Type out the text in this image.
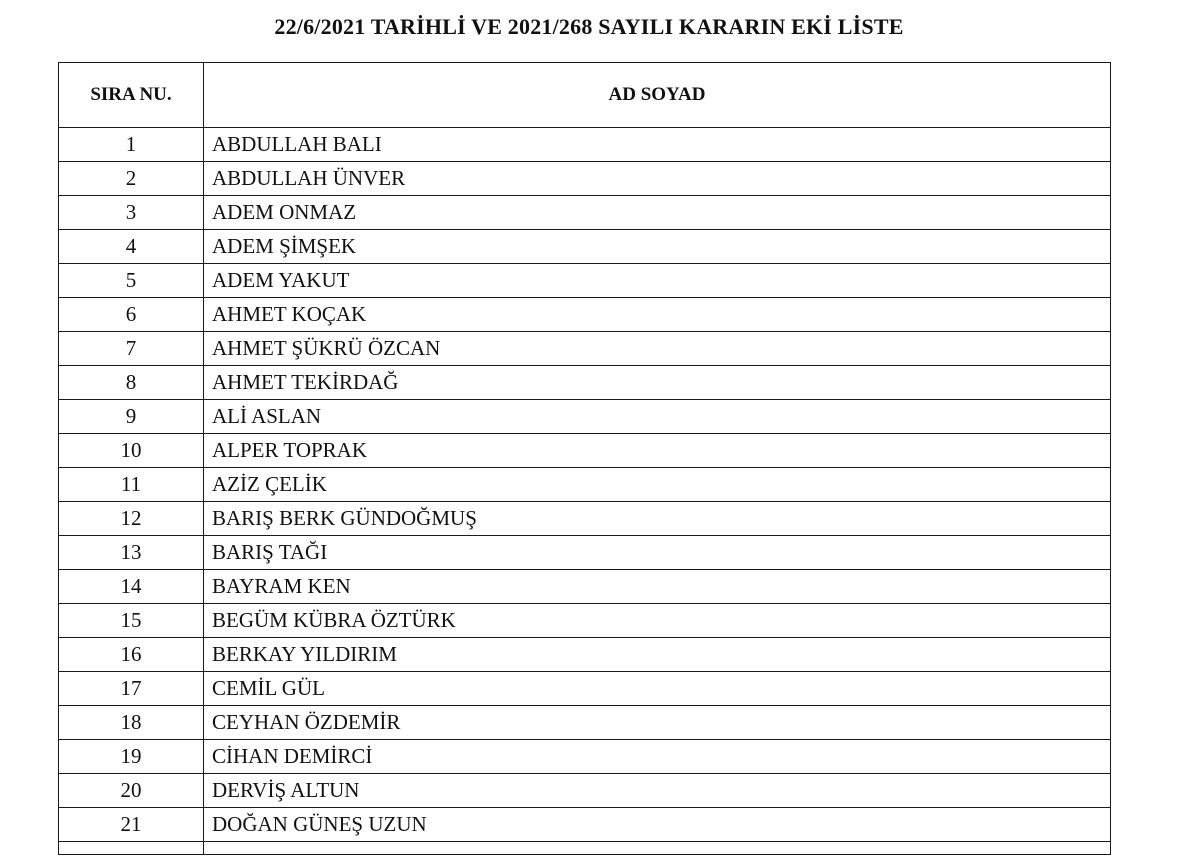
22/6/2021 TARİHLİ VE 2021/268 SAYILI KARARIN EKİ LİSTE
SIRA NU.	AD SOYAD
1	ABDULLAH BALI
2	ABDULLAH ÜNVER
3	ADEM ONMAZ
4	ADEM ŞİMŞEK
5	ADEM YAKUT
6	AHMET KOÇAK
7	AHMET ŞÜKRÜ ÖZCAN
8	AHMET TEKİRDAĞ
9	ALİ ASLAN
10	ALPER TOPRAK
11	AZİZ ÇELİK
12	BARIŞ BERK GÜNDOĞMUŞ
13	BARIŞ TAĞI
14	BAYRAM KEN
15	BEGÜM KÜBRA ÖZTÜRK
16	BERKAY YILDIRIM
17	CEMİL GÜL
18	CEYHAN ÖZDEMİR
19	CİHAN DEMİRCİ
20	DERVİŞ ALTUN
21	DOĞAN GÜNEŞ UZUN
